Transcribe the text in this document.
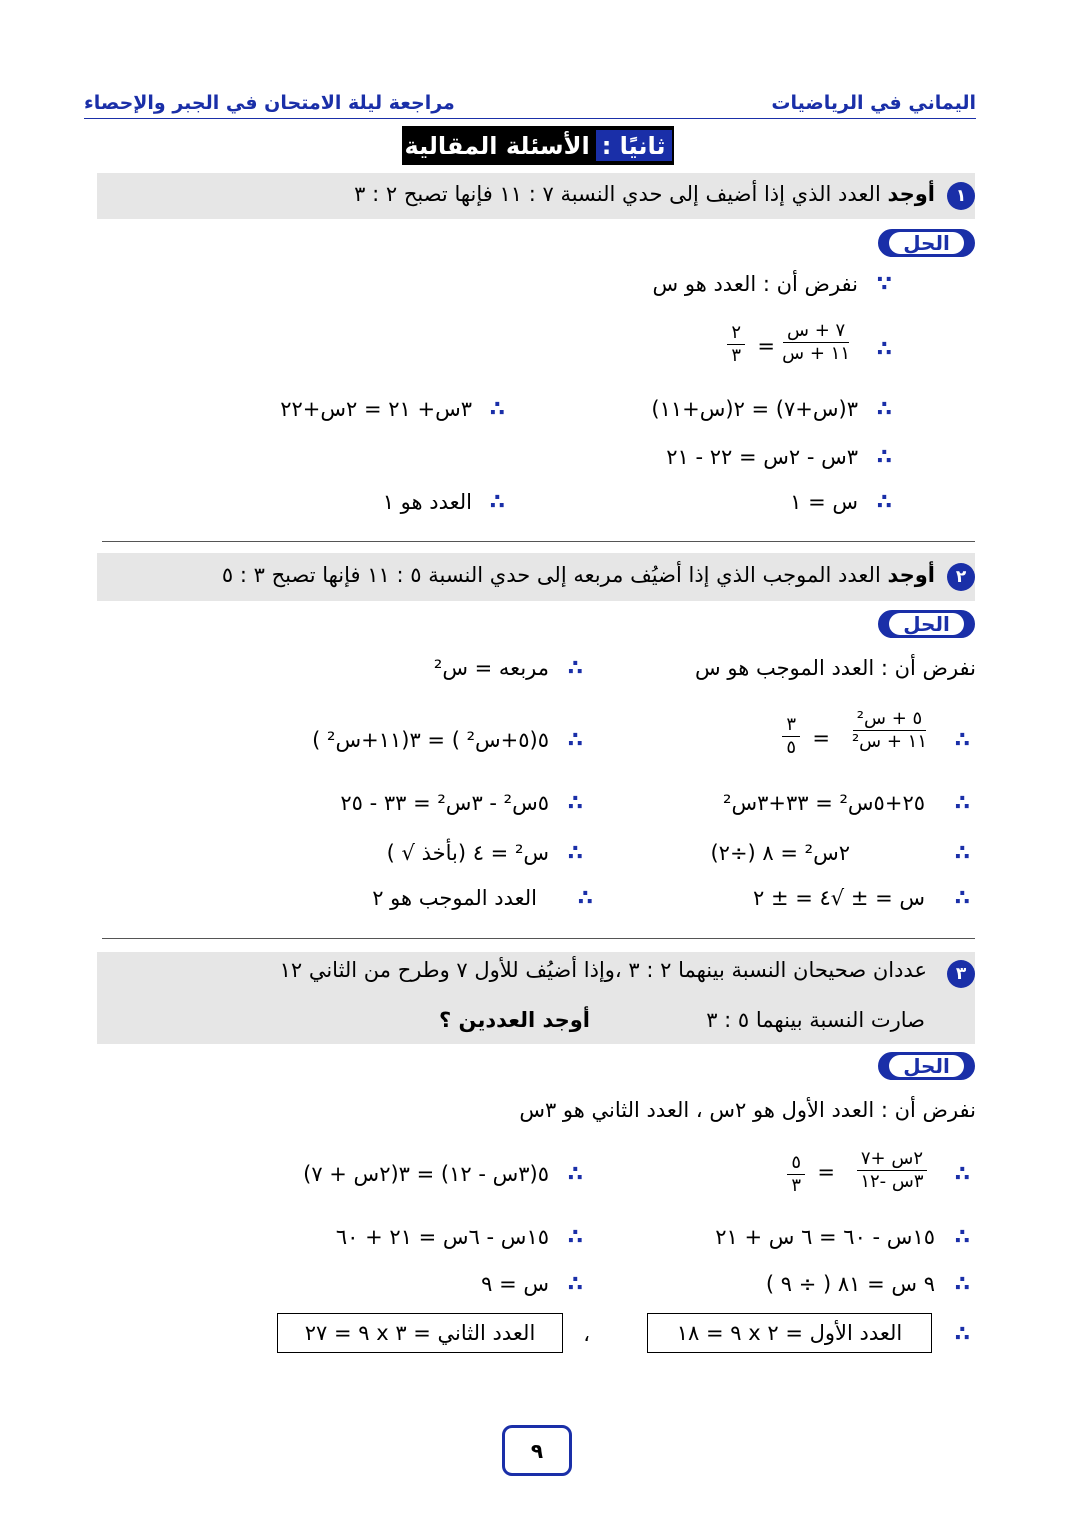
اليماني في الرياضيات
مراجعة ليلة الامتحان في الجبر والإحصاء
ثانيًا :
الأسئلة المقالية
١
أوجد العدد الذي إذا أضيف إلى حدي النسبة ٧ : ١١ فإنها تصبح ٢ : ٣
الحل
∵
نفرض أن : العدد هو س
∴
٧ + س
١١ + س
=
٢
٣
∴
٣(س+٧) = ٢(س+١١)
∴
٣س+ ٢١ = ٢س+٢٢
∴
٣س - ٢س = ٢٢ - ٢١
∴
س = ١
∴
العدد هو ١
٢
أوجد العدد الموجب الذي إذا أضيُف مربعه إلى حدي النسبة ٥ : ١١ فإنها تصبح ٣ : ٥
الحل
نفرض أن : العدد الموجب هو س
∴
مربعه = س²
∴
٥ + س²
١١ + س²
=
٣
٥
∴
٥(٥+س² ) = ٣(١١+س² )
∴
٢٥+٥س² = ٣٣+٣س²
∴
٥س² - ٣س² = ٣٣ - ٢٥
∴
٢س² = ٨ (÷٢)
∴
س² = ٤ (بأخذ √ )
∴
س = ± √٤ = ± ٢
∴
العدد الموجب هو ٢
٣
عددان صحيحان النسبة بينهما ٢ : ٣ ،وإذا أضيُف للأول ٧ وطرح من الثاني ١٢
صارت النسبة بينهما ٥ : ٣
أوجد العددين ؟
الحل
نفرض أن : العدد الأول هو ٢س ، العدد الثاني هو ٣س
∴
٢س +٧
٣س -١٢
=
٥
٣
∴
٥(٣س - ١٢) = ٣(٢س + ٧)
∴
١٥س - ٦٠ = ٦ س + ٢١
∴
١٥س - ٦س = ٢١ + ٦٠
∴
٩ س = ٨١ ( ÷ ٩ )
∴
س = ٩
∴
العدد الأول = ٢ x ٩ = ١٨
،
العدد الثاني = ٣ x ٩ = ٢٧
٩
